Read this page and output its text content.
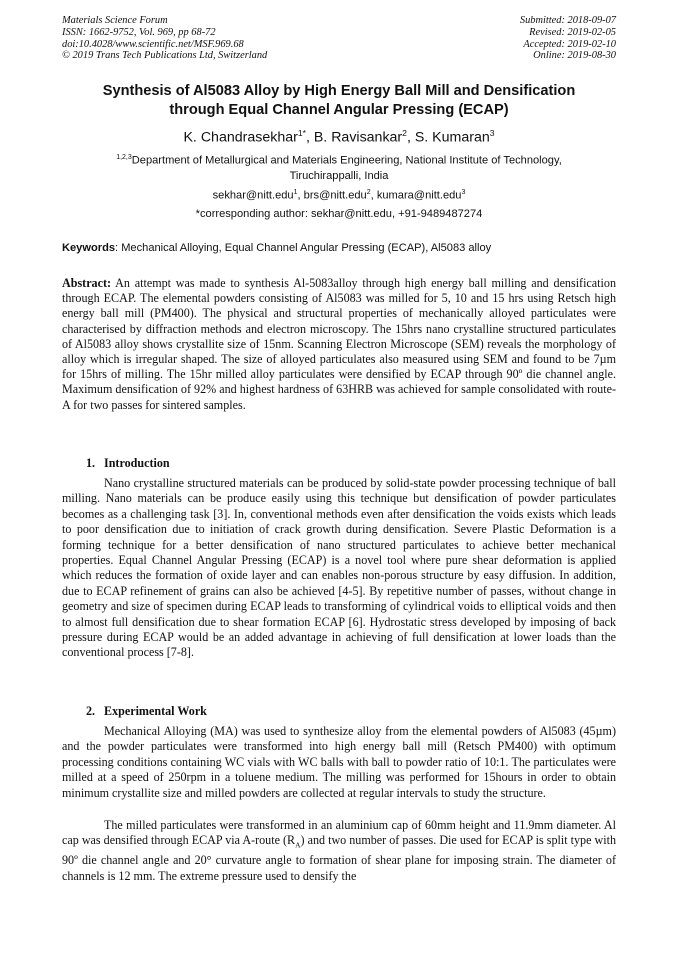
Materials Science Forum
ISSN: 1662-9752, Vol. 969, pp 68-72
doi:10.4028/www.scientific.net/MSF.969.68
© 2019 Trans Tech Publications Ltd, Switzerland
Submitted: 2018-09-07
Revised: 2019-02-05
Accepted: 2019-02-10
Online: 2019-08-30
Synthesis of Al5083 Alloy by High Energy Ball Mill and Densification
through Equal Channel Angular Pressing (ECAP)
K. Chandrasekhar$^{1*}$, B. Ravisankar$^2$, S. Kumaran$^3$
$^{1,2,3}$Department of Metallurgical and Materials Engineering, National Institute of Technology,
Tiruchirappalli, India
sekhar@nitt.edu$^1$, brs@nitt.edu$^2$, kumara@nitt.edu$^3$
*corresponding author: sekhar@nitt.edu, +91-9489487274
Keywords: Mechanical Alloying, Equal Channel Angular Pressing (ECAP), Al5083 alloy
Abstract: An attempt was made to synthesis Al-5083alloy through high energy ball milling and densification through ECAP. The elemental powders consisting of Al5083 was milled for 5, 10 and 15 hrs using Retsch high energy ball mill (PM400). The physical and structural properties of mechanically alloyed particulates were characterised by diffraction methods and electron microscopy. The 15hrs nano crystalline structured particulates of Al5083 alloy shows crystallite size of 15nm. Scanning Electron Microscope (SEM) reveals the morphology of alloy which is irregular shaped. The size of alloyed particulates also measured using SEM and found to be 7µm for 15hrs of milling. The 15hr milled alloy particulates were densified by ECAP through 90º die channel angle. Maximum densification of 92% and highest hardness of 63HRB was achieved for sample consolidated with route-A for two passes for sintered samples.
1. Introduction
Nano crystalline structured materials can be produced by solid-state powder processing technique of ball milling. Nano materials can be produce easily using this technique but densification of powder particulates becomes as a challenging task [3]. In, conventional methods even after densification the voids exists which leads to poor densification due to initiation of crack growth during densification. Severe Plastic Deformation is a forming technique for a better densification of nano structured particulates to achieve better mechanical properties. Equal Channel Angular Pressing (ECAP) is a novel tool where pure shear deformation is applied which reduces the formation of oxide layer and can enables non-porous structure by easy diffusion. In addition, due to ECAP refinement of grains can also be achieved [4-5]. By repetitive number of passes, without change in geometry and size of specimen during ECAP leads to transforming of cylindrical voids to elliptical voids and then to almost full densification due to shear formation ECAP [6]. Hydrostatic stress developed by imposing of back pressure during ECAP would be an added advantage in achieving of full densification at lower loads than the conventional process [7-8].
2. Experimental Work
Mechanical Alloying (MA) was used to synthesize alloy from the elemental powders of Al5083 (45µm) and the powder particulates were transformed into high energy ball mill (Retsch PM400) with optimum processing conditions containing WC vials with WC balls with ball to powder ratio of 10:1. The particulates were milled at a speed of 250rpm in a toluene medium. The milling was performed for 15hours in order to obtain minimum crystallite size and milled powders are collected at regular intervals to study the structure.
The milled particulates were transformed in an aluminium cap of 60mm height and 11.9mm diameter. Al cap was densified through ECAP via A-route $(R_A)$ and two number of passes. Die used for ECAP is split type with 90º die channel angle and 20° curvature angle to formation of shear plane for imposing strain. The diameter of channels is 12 mm. The extreme pressure used to densify the
